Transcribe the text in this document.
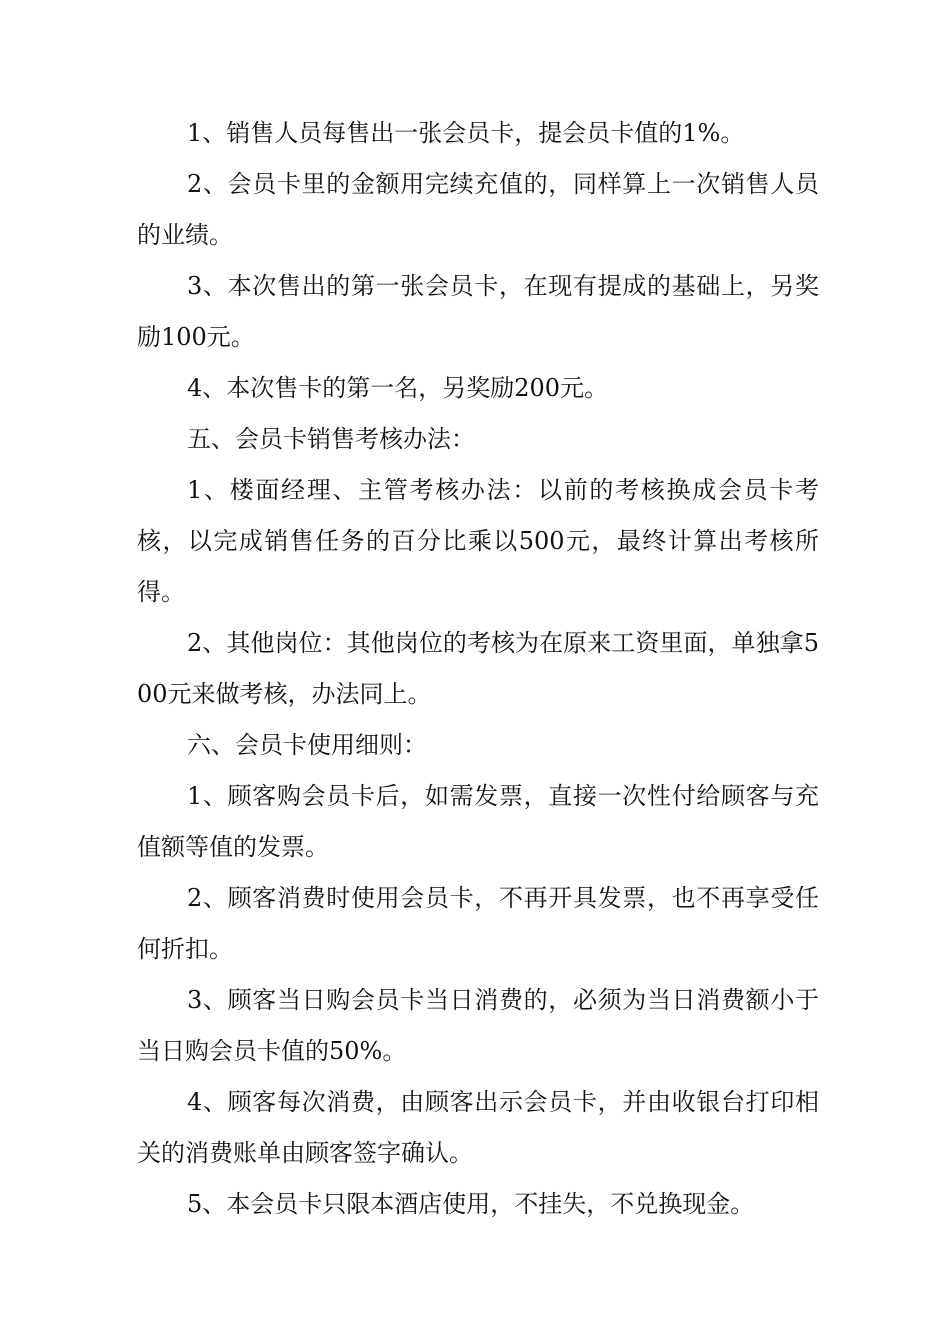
1、销售人员每售出一张会员卡，提会员卡值的1%。

2、会员卡里的金额用完续充值的，同样算上一次销售人员的业绩。

3、本次售出的第一张会员卡，在现有提成的基础上，另奖励100元。

4、本次售卡的第一名，另奖励200元。

五、会员卡销售考核办法：

1、楼面经理、主管考核办法：以前的考核换成会员卡考核，以完成销售任务的百分比乘以500元，最终计算出考核所得。

2、其他岗位：其他岗位的考核为在原来工资里面，单独拿500元来做考核，办法同上。

六、会员卡使用细则：

1、顾客购会员卡后，如需发票，直接一次性付给顾客与充值额等值的发票。

2、顾客消费时使用会员卡，不再开具发票，也不再享受任何折扣。

3、顾客当日购会员卡当日消费的，必须为当日消费额小于当日购会员卡值的50%。

4、顾客每次消费，由顾客出示会员卡，并由收银台打印相关的消费账单由顾客签字确认。

5、本会员卡只限本酒店使用，不挂失，不兑换现金。
